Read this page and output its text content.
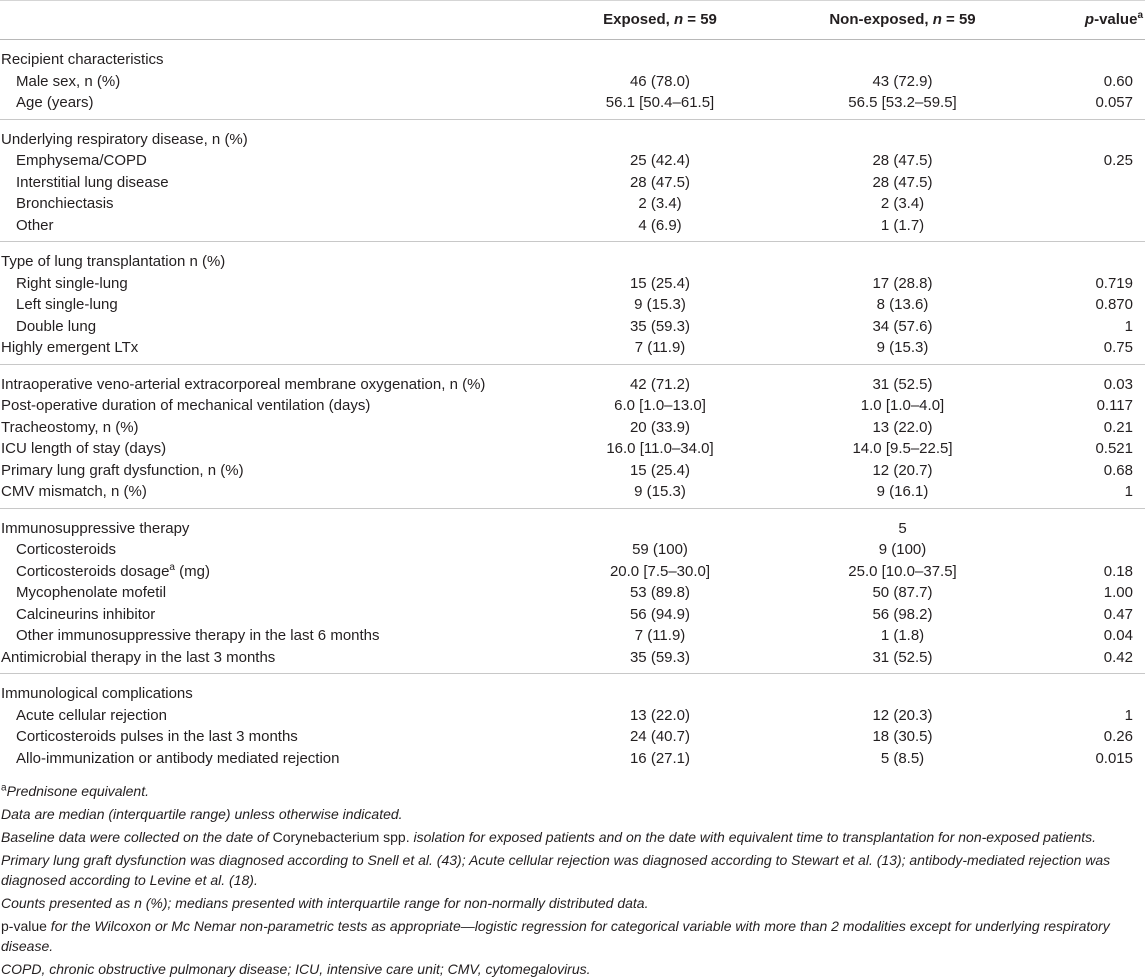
	Exposed, n = 59	Non-exposed, n = 59	p-value$^a$
Recipient characteristics			
Male sex, n (%)	46 (78.0)	43 (72.9)	0.60
Age (years)	56.1 [50.4–61.5]	56.5 [53.2–59.5]	0.057
Underlying respiratory disease, n (%)			
Emphysema/COPD	25 (42.4)	28 (47.5)	0.25
Interstitial lung disease	28 (47.5)	28 (47.5)	
Bronchiectasis	2 (3.4)	2 (3.4)	
Other	4 (6.9)	1 (1.7)	
Type of lung transplantation n (%)			
Right single-lung	15 (25.4)	17 (28.8)	0.719
Left single-lung	9 (15.3)	8 (13.6)	0.870
Double lung	35 (59.3)	34 (57.6)	1
Highly emergent LTx	7 (11.9)	9 (15.3)	0.75
Intraoperative veno-arterial extracorporeal membrane oxygenation, n (%)	42 (71.2)	31 (52.5)	0.03
Post-operative duration of mechanical ventilation (days)	6.0 [1.0–13.0]	1.0 [1.0–4.0]	0.117
Tracheostomy, n (%)	20 (33.9)	13 (22.0)	0.21
ICU length of stay (days)	16.0 [11.0–34.0]	14.0 [9.5–22.5]	0.521
Primary lung graft dysfunction, n (%)	15 (25.4)	12 (20.7)	0.68
CMV mismatch, n (%)	9 (15.3)	9 (16.1)	1
Immunosuppressive therapy		5	
Corticosteroids	59 (100)	9 (100)	
Corticosteroids dosage$^a$ (mg)	20.0 [7.5–30.0]	25.0 [10.0–37.5]	0.18
Mycophenolate mofetil	53 (89.8)	50 (87.7)	1.00
Calcineurins inhibitor	56 (94.9)	56 (98.2)	0.47
Other immunosuppressive therapy in the last 6 months	7 (11.9)	1 (1.8)	0.04
Antimicrobial therapy in the last 3 months	35 (59.3)	31 (52.5)	0.42
Immunological complications			
Acute cellular rejection	13 (22.0)	12 (20.3)	1
Corticosteroids pulses in the last 3 months	24 (40.7)	18 (30.5)	0.26
Allo-immunization or antibody mediated rejection	16 (27.1)	5 (8.5)	0.015
$^a$Prednisone equivalent.
Data are median (interquartile range) unless otherwise indicated.
Baseline data were collected on the date of Corynebacterium spp. isolation for exposed patients and on the date with equivalent time to transplantation for non-exposed patients.
Primary lung graft dysfunction was diagnosed according to Snell et al. (43); Acute cellular rejection was diagnosed according to Stewart et al. (13); antibody-mediated rejection was
diagnosed according to Levine et al. (18).
Counts presented as n (%); medians presented with interquartile range for non-normally distributed data.
p-value for the Wilcoxon or Mc Nemar non-parametric tests as appropriate—logistic regression for categorical variable with more than 2 modalities except for underlying respiratory
disease.
COPD, chronic obstructive pulmonary disease; ICU, intensive care unit; CMV, cytomegalovirus.
